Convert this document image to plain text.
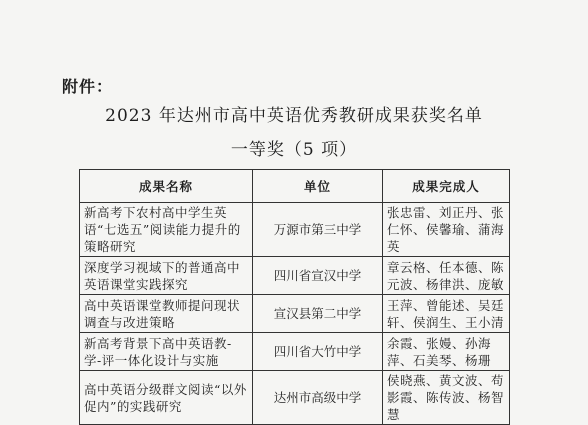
附件：
2023 年达州市高中英语优秀教研成果获奖名单
一等奖（5 项）
成果名称	单位	成果完成人
新高考下农村高中学生英语“七选五”阅读能力提升的策略研究	万源市第三中学	张忠雷、刘正丹、张仁怀、侯馨瑜、蒲海英
深度学习视域下的普通高中英语课堂实践探究	四川省宣汉中学	章云格、任本德、陈元波、杨律洪、庞敏
高中英语课堂教师提问现状调查与改进策略	宣汉县第二中学	王萍、曾能述、吴廷轩、侯润生、王小清
新高考背景下高中英语教-学-评一体化设计与实施	四川省大竹中学	余霞、张嫚、孙海萍、石美琴、杨珊
高中英语分级群文阅读“以外促内”的实践研究	达州市高级中学	侯晓燕、黄文波、苟影霞、陈传波、杨智慧
